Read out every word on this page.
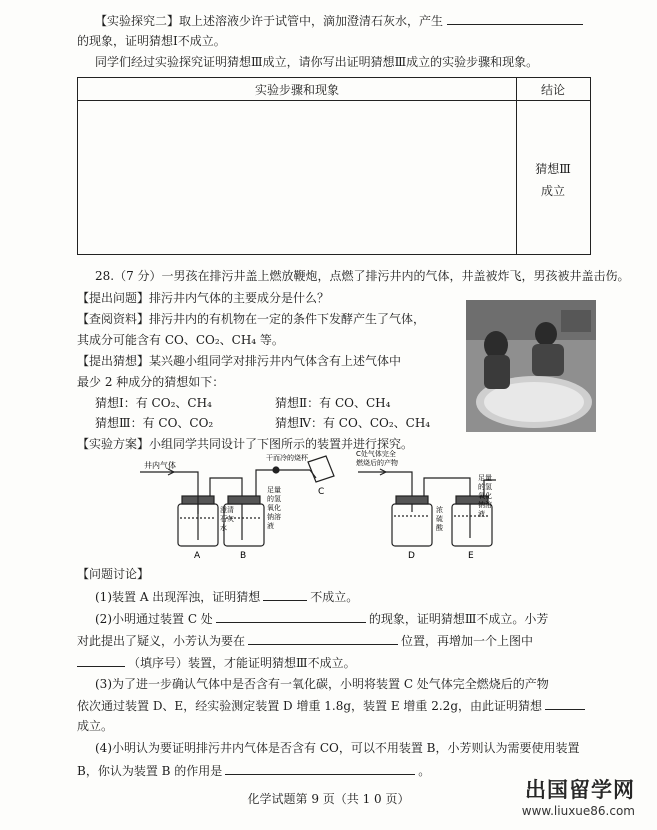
【实验探究二】取上述溶液少许于试管中，滴加澄清石灰水，产生
的现象，证明猜想Ⅰ不成立。
同学们经过实验探究证明猜想Ⅲ成立，请你写出证明猜想Ⅲ成立的实验步骤和现象。
实验步骤和现象	结论
猜想Ⅲ
成立
28.（7 分）一男孩在排污井盖上燃放鞭炮，点燃了排污井内的气体，井盖被炸飞，男孩被井盖击伤。
【提出问题】排污井内气体的主要成分是什么？
【查阅资料】排污井内的有机物在一定的条件下发酵产生了气体，
其成分可能含有 CO、CO₂、CH₄ 等。
【提出猜想】某兴趣小组同学对排污井内气体含有上述气体中
最少 2 种成分的猜想如下：
猜想Ⅰ：有 CO₂、CH₄	猜想Ⅱ：有 CO、CH₄
猜想Ⅲ：有 CO、CO₂	猜想Ⅳ：有 CO、CO₂、CH₄
【实验方案】小组同学共同设计了下图所示的装置并进行探究。
井内气体
干而冷的烧杯
C
C处气体完全
燃烧后的产物
澄清
石灰
水
足量
的氢
氧化
钠溶
液
浓
硫
酸
足量
的氢
氧化
钠溶
液
A	B	D	E
【问题讨论】
(1)装置 A 出现浑浊，证明猜想	不成立。
(2)小明通过装置 C 处	的现象，证明猜想Ⅲ不成立。小芳
对此提出了疑义，小芳认为要在	位置，再增加一个上图中
（填序号）装置，才能证明猜想Ⅲ不成立。
(3)为了进一步确认气体中是否含有一氧化碳，小明将装置 C 处气体完全燃烧后的产物
依次通过装置 D、E，经实验测定装置 D 增重 1.8g，装置 E 增重 2.2g，由此证明猜想
成立。
(4)小明认为要证明排污井内气体是否含有 CO，可以不用装置 B，小芳则认为需要使用装置
B，你认为装置 B 的作用是	。
化学试题第 9 页（共 1 0 页）	出国留学网
www.liuxue86.com
